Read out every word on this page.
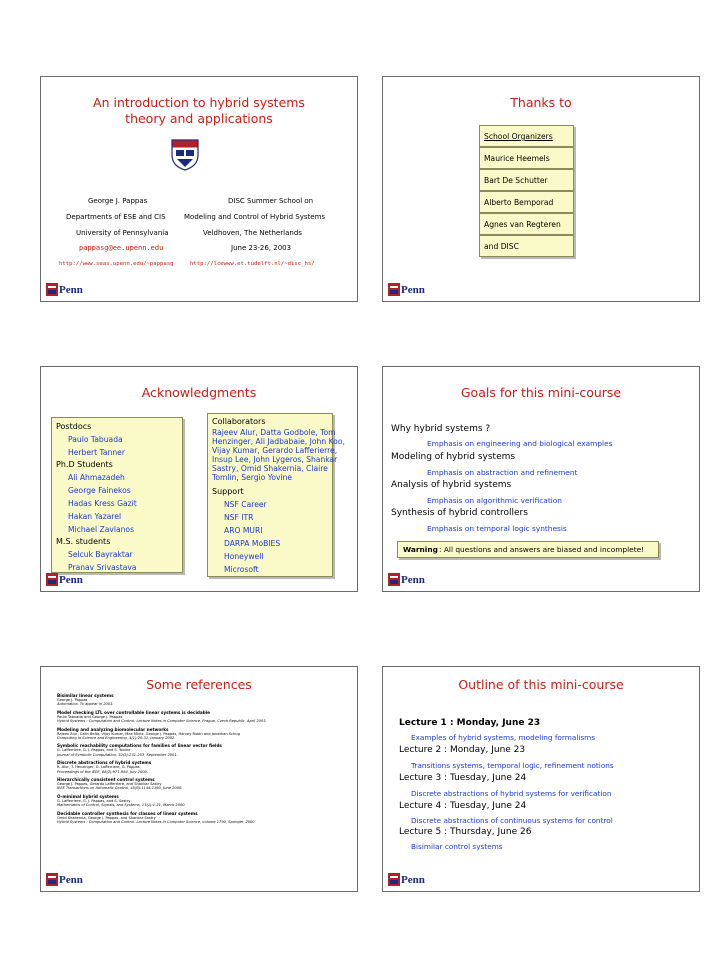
An introduction to hybrid systems
theory and applications
George J. Pappas
Departments of ESE and CIS
University of Pennsylvania
pappasg@ee.upenn.edu
http://www.seas.upenn.edu/~pappasg
DISC Summer School on
Modeling and Control of Hybrid Systems
Veldhoven, The Netherlands
June 23-26, 2003
http://lcewww.et.tudelft.nl/~disc_hs/
Penn
Thanks to
School Organizers
Maurice Heemels
Bart De Schutter
Alberto Bemporad
Agnes van Regteren
and DISC
Penn
Acknowledgments
Postdocs
Paulo Tabuada
Herbert Tanner
Ph.D Students
Ali Ahmazadeh
George Fainekos
Hadas Kress Gazit
Hakan Yazarel
Michael Zavlanos
M.S. students
Selcuk Bayraktar
Pranav Srivastava
Collaborators
Rajeev Alur, Datta Godbole, Tom
Henzinger, Ali Jadbabaie, John Koo,
Vijay Kumar, Gerardo Lafferierre,
Insup Lee, John Lygeros, Shankar
Sastry, Omid Shakernia, Claire
Tomlin, Sergio Yovine
Support
NSF Career
NSF ITR
ARO MURI
DARPA MoBIES
Honeywell
Microsoft
Penn
Goals for this mini-course
Why hybrid systems ?
Emphasis on engineering and biological examples
Modeling of hybrid systems
Emphasis on abstraction and refinement
Analysis of hybrid systems
Emphasis on algorithmic verification
Synthesis of hybrid controllers
Emphasis on temporal logic synthesis
Warning : All questions and answers are biased and incomplete!
Penn
Some references
Bisimilar linear systems
George J. Pappas
Automatica. To appear in 2003.
Model checking LTL over controllable linear systems is decidable
Paulo Tabuada and George J. Pappas
Hybrid Systems : Computation and Control. Lecture Notes in Computer Science, Prague, Czech Republic, April 2003.
Modeling and analyzing biomolecular networks
Rajeev Alur, Calin Belta, Vijay Kumar, Max Mintz, George J. Pappas, Harvey Rubin and Jonathan Schug
Computing in Science and Engineering, 4(1):20-31, January 2002.
Symbolic reachability computations for families of linear vector fields
G. Lafferriere, G. J. Pappas, and S. Yovine
Journal of Symbolic Computation, 32(3):231-253, September 2001.
Discrete abstractions of hybrid systems
R. Alur, T. Henzinger, G. Lafferriere, G. Pappas
Proceedings of the IEEE, 88(2):971-984, July 2000.
Hierarchically consistent control systems
George J. Pappas, Gerardo Lafferriere, and Shankar Sastry
IEEE Transactions on Automatic Control, 45(6):1144-1160, June 2000.
O-minimal hybrid systems
G. Lafferriere, G. J. Pappas, and S. Sastry
Mathematics of Control, Signals, and Systems, 13(1):1-21, March 2000.
Decidable controller synthesis for classes of linear systems
Omid Shakernia, George J. Pappas, and Shankar Sastry
Hybrid Systems : Computation and Control. Lecture Notes in Computer Science, volume 1790, Springer, 2000
Penn
Outline of this mini-course
Lecture 1 : Monday, June 23
Examples of hybrid systems, modeling formalisms
Lecture 2 : Monday, June 23
Transitions systems, temporal logic, refinement notions
Lecture 3 : Tuesday, June 24
Discrete abstractions of hybrid systems for verification
Lecture 4 : Tuesday, June 24
Discrete abstractions of continuous systems for control
Lecture 5 : Thursday, June 26
Bisimilar control systems
Penn
